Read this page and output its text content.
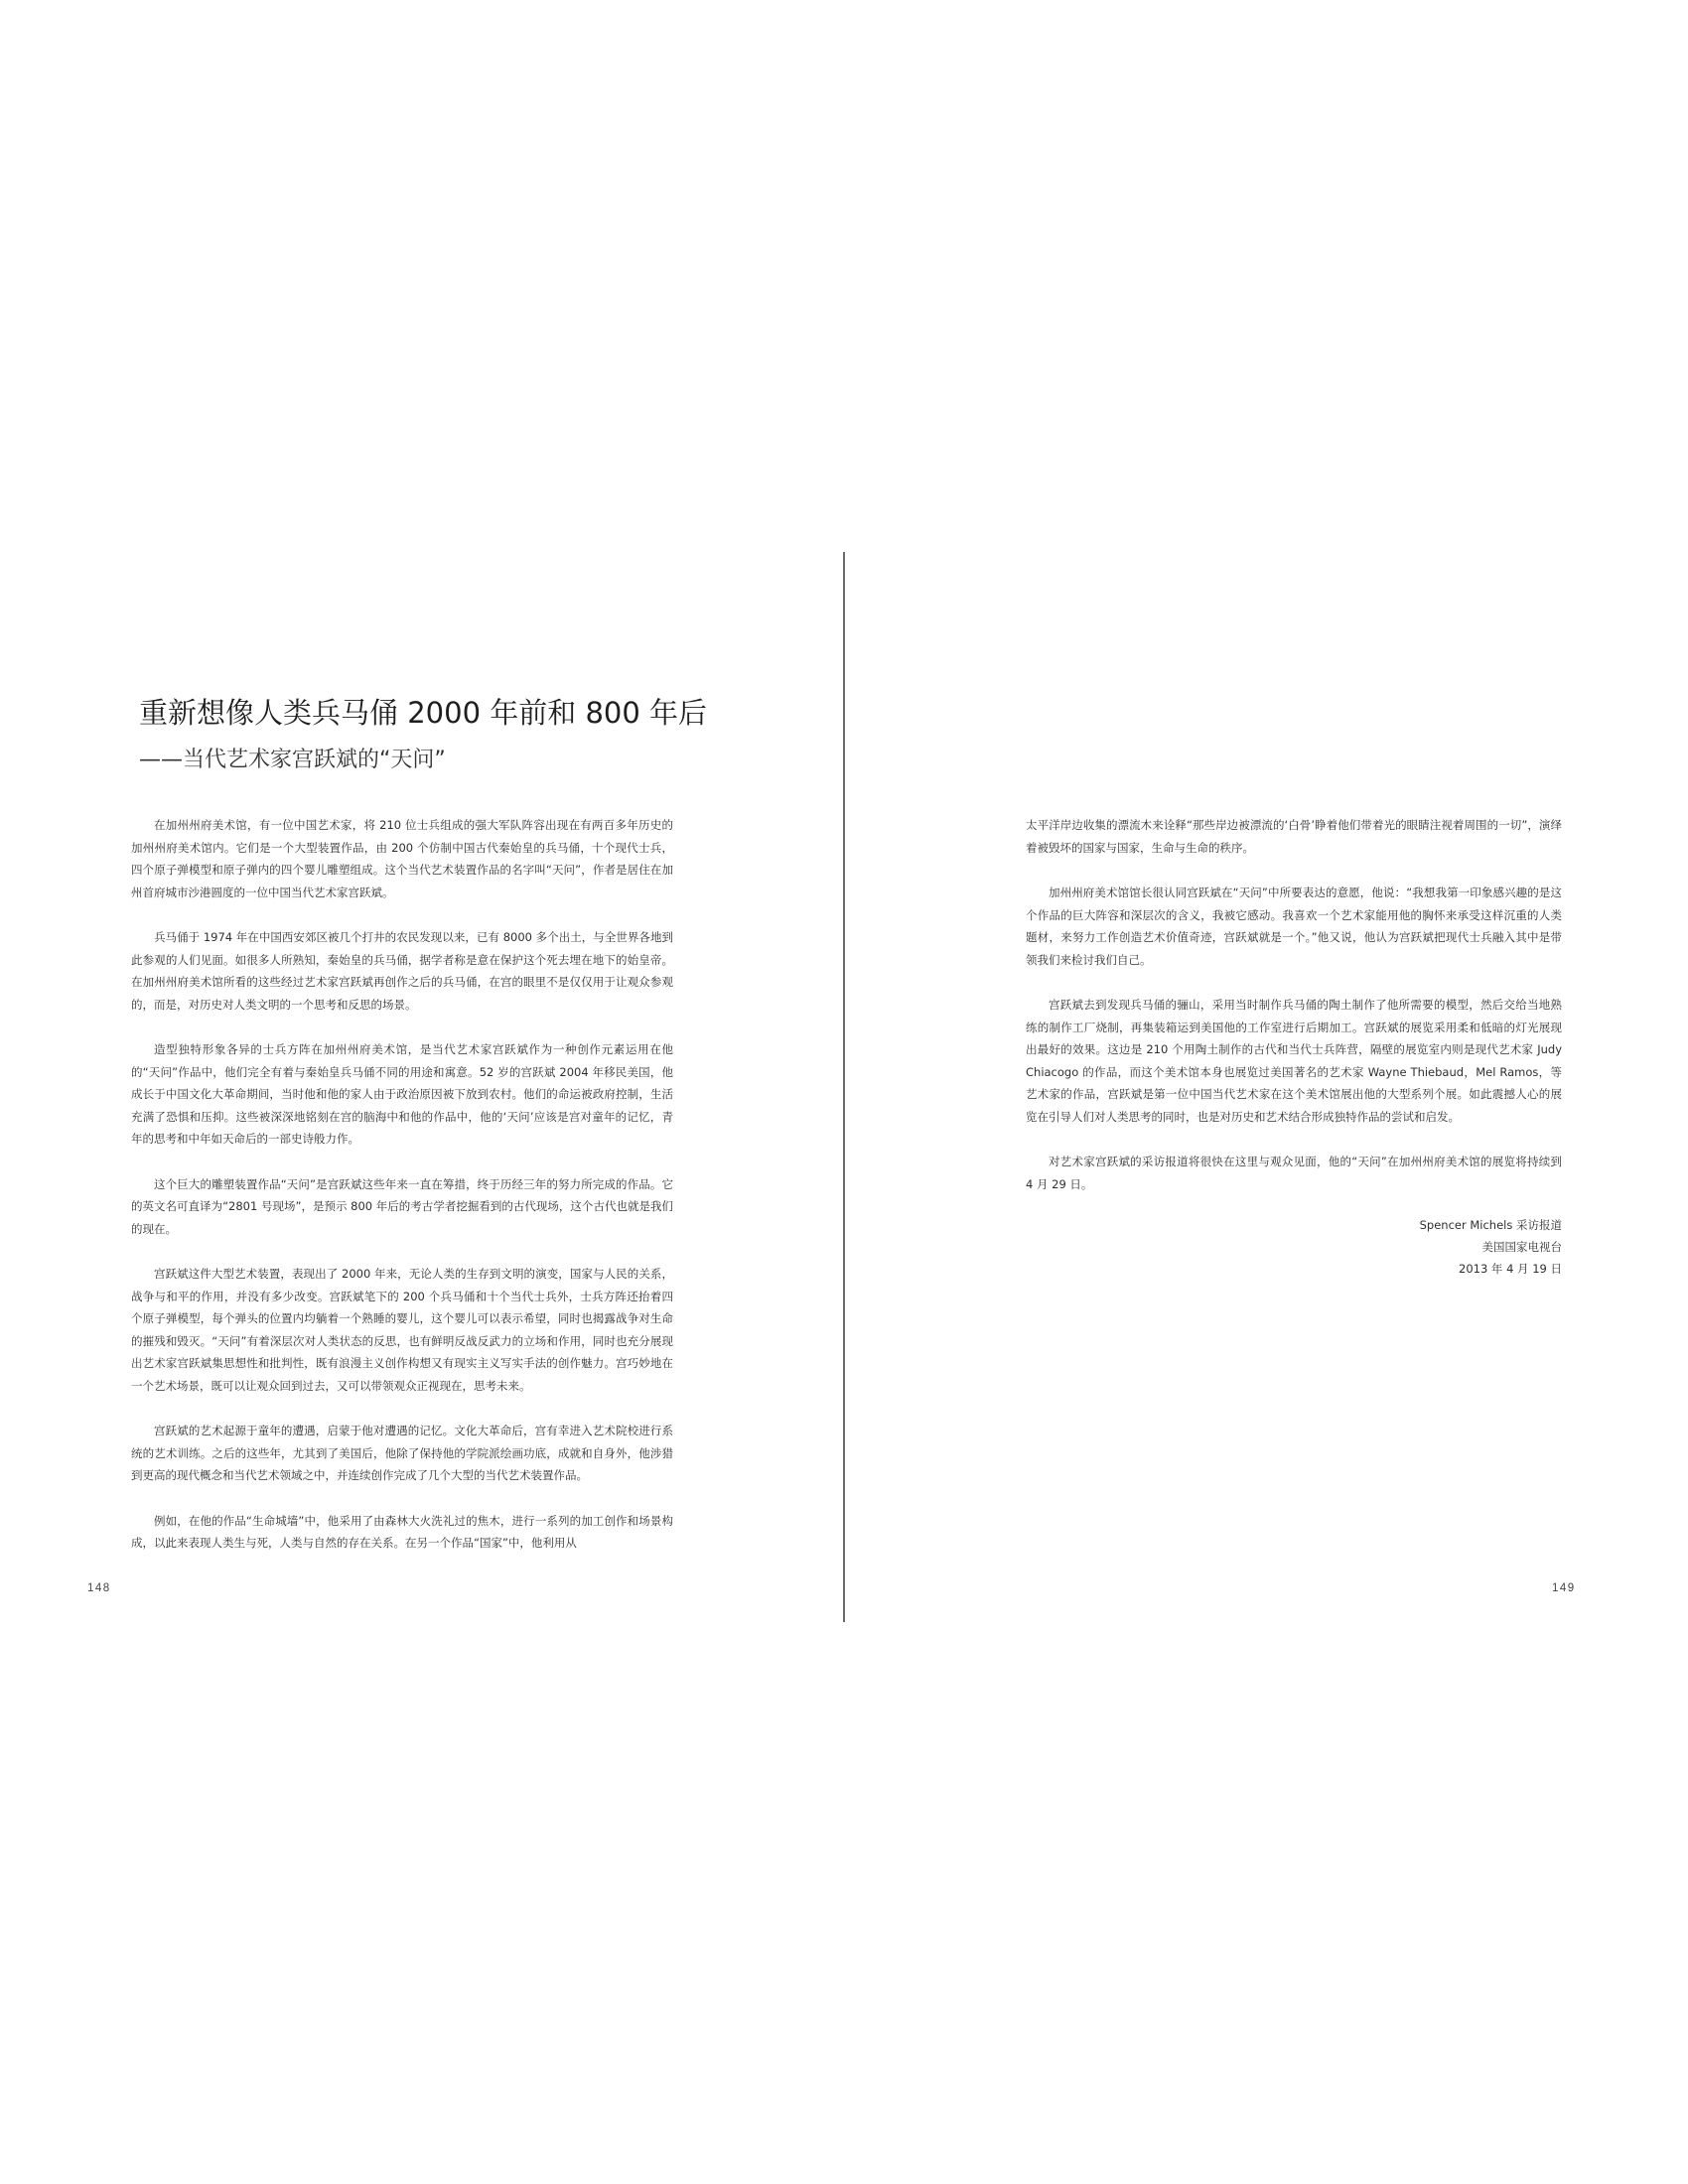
重新想像人类兵马俑 2000 年前和 800 年后
——当代艺术家宫跃斌的“天问”

在加州州府美术馆，有一位中国艺术家，将 210 位士兵组成的强大军队阵容出现在有两百多年历史的加州州府美术馆内。它们是一个大型装置作品，由 200 个仿制中国古代秦始皇的兵马俑，十个现代士兵，四个原子弹模型和原子弹内的四个婴儿雕塑组成。这个当代艺术装置作品的名字叫“天问”，作者是居住在加州首府城市沙港圆度的一位中国当代艺术家宫跃斌。

兵马俑于 1974 年在中国西安郊区被几个打井的农民发现以来，已有 8000 多个出土，与全世界各地到此参观的人们见面。如很多人所熟知，秦始皇的兵马俑，据学者称是意在保护这个死去埋在地下的始皇帝。在加州州府美术馆所看的这些经过艺术家宫跃斌再创作之后的兵马俑，在宫的眼里不是仅仅用于让观众参观的，而是，对历史对人类文明的一个思考和反思的场景。

造型独特形象各异的士兵方阵在加州州府美术馆，是当代艺术家宫跃斌作为一种创作元素运用在他的“天问”作品中，他们完全有着与秦始皇兵马俑不同的用途和寓意。52 岁的宫跃斌 2004 年移民美国，他成长于中国文化大革命期间，当时他和他的家人由于政治原因被下放到农村。他们的命运被政府控制，生活充满了恐惧和压抑。这些被深深地铭刻在宫的脑海中和他的作品中，他的‘天问’应该是宫对童年的记忆，青年的思考和中年如天命后的一部史诗般力作。

这个巨大的雕塑装置作品“天问”是宫跃斌这些年来一直在筹措，终于历经三年的努力所完成的作品。它的英文名可直译为“2801 号现场”，是预示 800 年后的考古学者挖掘看到的古代现场，这个古代也就是我们的现在。

宫跃斌这件大型艺术装置，表现出了 2000 年来，无论人类的生存到文明的演变，国家与人民的关系，战争与和平的作用，并没有多少改变。宫跃斌笔下的 200 个兵马俑和十个当代士兵外，士兵方阵还抬着四个原子弹模型，每个弹头的位置内均躺着一个熟睡的婴儿，这个婴儿可以表示希望，同时也揭露战争对生命的摧残和毁灭。“天问”有着深层次对人类状态的反思，也有鲜明反战反武力的立场和作用，同时也充分展现出艺术家宫跃斌集思想性和批判性，既有浪漫主义创作构想又有现实主义写实手法的创作魅力。宫巧妙地在一个艺术场景，既可以让观众回到过去，又可以带领观众正视现在，思考未来。

宫跃斌的艺术起源于童年的遭遇，启蒙于他对遭遇的记忆。文化大革命后，宫有幸进入艺术院校进行系统的艺术训练。之后的这些年，尤其到了美国后，他除了保持他的学院派绘画功底，成就和自身外，他涉猎到更高的现代概念和当代艺术领域之中，并连续创作完成了几个大型的当代艺术装置作品。

例如，在他的作品“生命城墙”中，他采用了由森林大火洗礼过的焦木，进行一系列的加工创作和场景构成，以此来表现人类生与死，人类与自然的存在关系。在另一个作品“国家”中，他利用从

148

太平洋岸边收集的漂流木来诠释“那些岸边被漂流的‘白骨’睁着他们带着光的眼睛注视着周围的一切”，演绎着被毁坏的国家与国家，生命与生命的秩序。

加州州府美术馆馆长很认同宫跃斌在“天问”中所要表达的意愿，他说：“我想我第一印象感兴趣的是这个作品的巨大阵容和深层次的含义，我被它感动。我喜欢一个艺术家能用他的胸怀来承受这样沉重的人类题材，来努力工作创造艺术价值奇迹，宫跃斌就是一个。”他又说，他认为宫跃斌把现代士兵融入其中是带领我们来检讨我们自己。

宫跃斌去到发现兵马俑的骊山，采用当时制作兵马俑的陶土制作了他所需要的模型，然后交给当地熟练的制作工厂烧制，再集装箱运到美国他的工作室进行后期加工。宫跃斌的展览采用柔和低暗的灯光展现出最好的效果。这边是 210 个用陶土制作的古代和当代士兵阵营，隔壁的展览室内则是现代艺术家 Judy Chiacogo 的作品，而这个美术馆本身也展览过美国著名的艺术家 Wayne Thiebaud，Mel Ramos，等艺术家的作品，宫跃斌是第一位中国当代艺术家在这个美术馆展出他的大型系列个展。如此震撼人心的展览在引导人们对人类思考的同时，也是对历史和艺术结合形成独特作品的尝试和启发。

对艺术家宫跃斌的采访报道将很快在这里与观众见面，他的“天问”在加州州府美术馆的展览将持续到 4 月 29 日。

Spencer Michels 采访报道
美国国家电视台
2013 年 4 月 19 日
149
